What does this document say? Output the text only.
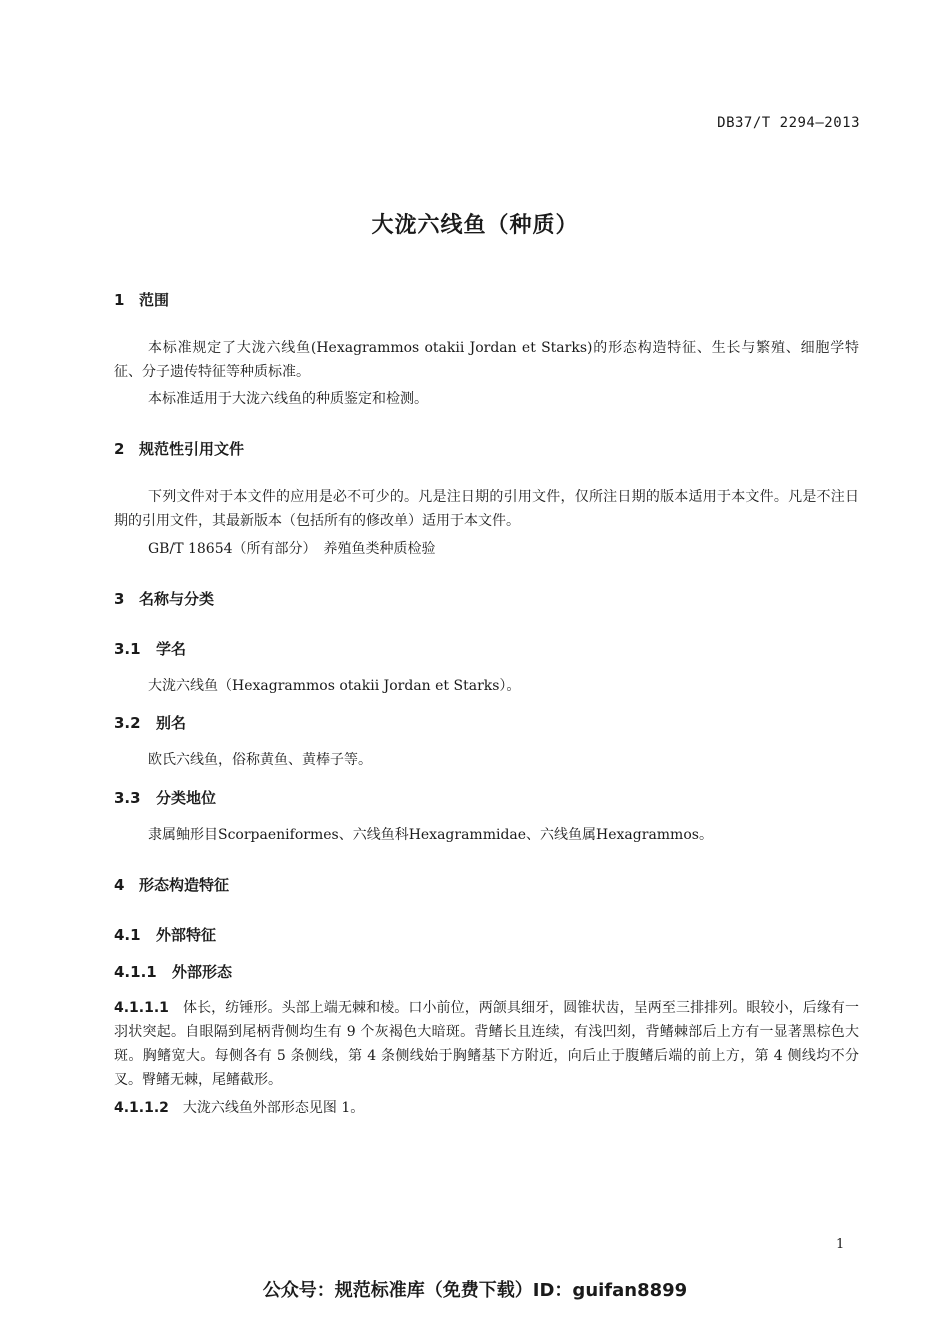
DB37/T 2294—2013
大泷六线鱼（种质）
1 范围
本标准规定了大泷六线鱼(Hexagrammos otakii Jordan et Starks)的形态构造特征、生长与繁殖、细胞学特征、分子遗传特征等种质标准。
本标准适用于大泷六线鱼的种质鉴定和检测。
2 规范性引用文件
下列文件对于本文件的应用是必不可少的。凡是注日期的引用文件，仅所注日期的版本适用于本文件。凡是不注日期的引用文件，其最新版本（包括所有的修改单）适用于本文件。
GB/T 18654（所有部分）　养殖鱼类种质检验
3 名称与分类
3.1 学名
大泷六线鱼（Hexagrammos otakii Jordan et Starks）。
3.2 别名
欧氏六线鱼，俗称黄鱼、黄棒子等。
3.3 分类地位
隶属鲉形目Scorpaeniformes、六线鱼科Hexagrammidae、六线鱼属Hexagrammos。
4 形态构造特征
4.1 外部特征
4.1.1 外部形态
4.1.1.1 体长，纺锤形。头部上端无棘和棱。口小前位，两颌具细牙，圆锥状齿，呈两至三排排列。眼较小，后缘有一羽状突起。自眼隔到尾柄背侧均生有 9 个灰褐色大暗斑。背鳍长且连续，有浅凹刻，背鳍棘部后上方有一显著黑棕色大斑。胸鳍宽大。每侧各有 5 条侧线，第 4 条侧线始于胸鳍基下方附近，向后止于腹鳍后端的前上方，第 4 侧线均不分叉。臀鳍无棘，尾鳍截形。
4.1.1.2 大泷六线鱼外部形态见图 1。
1
公众号：规范标准库（免费下载）ID：guifan8899
